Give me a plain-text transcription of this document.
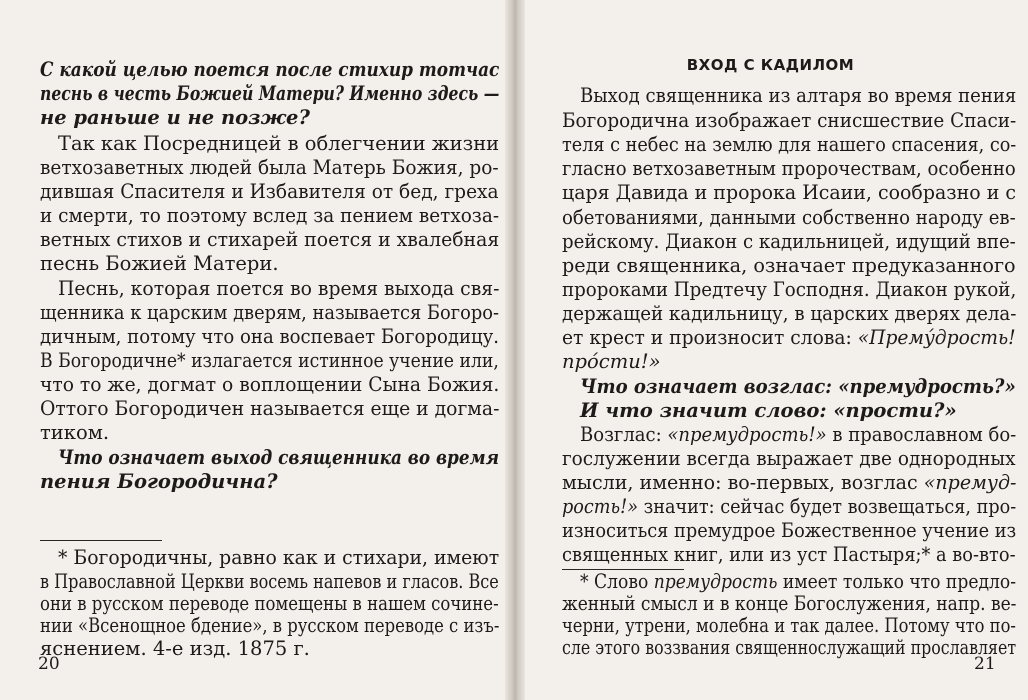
С какой целью поется после стихир тотчас
песнь в честь Божией Матери? Именно здесь —
не раньше и не позже?
Так как Посредницей в облегчении жизни
ветхозаветных людей была Матерь Божия, ро-
дившая Спасителя и Избавителя от бед, греха
и смерти, то поэтому вслед за пением ветхоза-
ветных стихов и стихарей поется и хвалебная
песнь Божией Матери.
Песнь, которая поется во время выхода свя-
щенника к царским дверям, называется Богоро-
дичным, потому что она воспевает Богородицу.
В Богородичне* излагается истинное учение или,
что то же, догмат о воплощении Сына Божия.
Оттого Богородичен называется еще и догма-
тиком.
Что означает выход священника во время
пения Богородична?
* Богородичны, равно как и стихари, имеют
в Православной Церкви восемь напевов и гласов. Все
они в русском переводе помещены в нашем сочине-
нии «Всенощное бдение», в русском переводе с изъ-
яснением. 4-е изд. 1875 г.
20
ВХОД С КАДИЛОМ
Выход священника из алтаря во время пения
Богородична изображает снисшествие Спаси-
теля с небес на землю для нашего спасения, со-
гласно ветхозаветным пророчествам, особенно
царя Давида и пророка Исаии, сообразно и с
обетованиями, данными собственно народу ев-
рейскому. Диакон с кадильницей, идущий впе-
реди священника, означает предуказанного
пророками Предтечу Господня. Диакон рукой,
держащей кадильницу, в царских дверях дела-
ет крест и произносит слова: «Прему́дрость!
про́сти!»
Что означает возглас: «премудрость?»
И что значит слово: «прости?»
Возглас: «премудрость!» в православном бо-
гослужении всегда выражает две однородных
мысли, именно: во-первых, возглас «премуд-
рость!» значит: сейчас будет возвещаться, про-
износиться премудрое Божественное учение из
священных книг, или из уст Пастыря;* а во-вто-
* Слово премудрость имеет только что предло-
женный смысл и в конце Богослужения, напр. ве-
черни, утрени, молебна и так далее. Потому что по-
сле этого воззвания священнослужащий прославляет
21
